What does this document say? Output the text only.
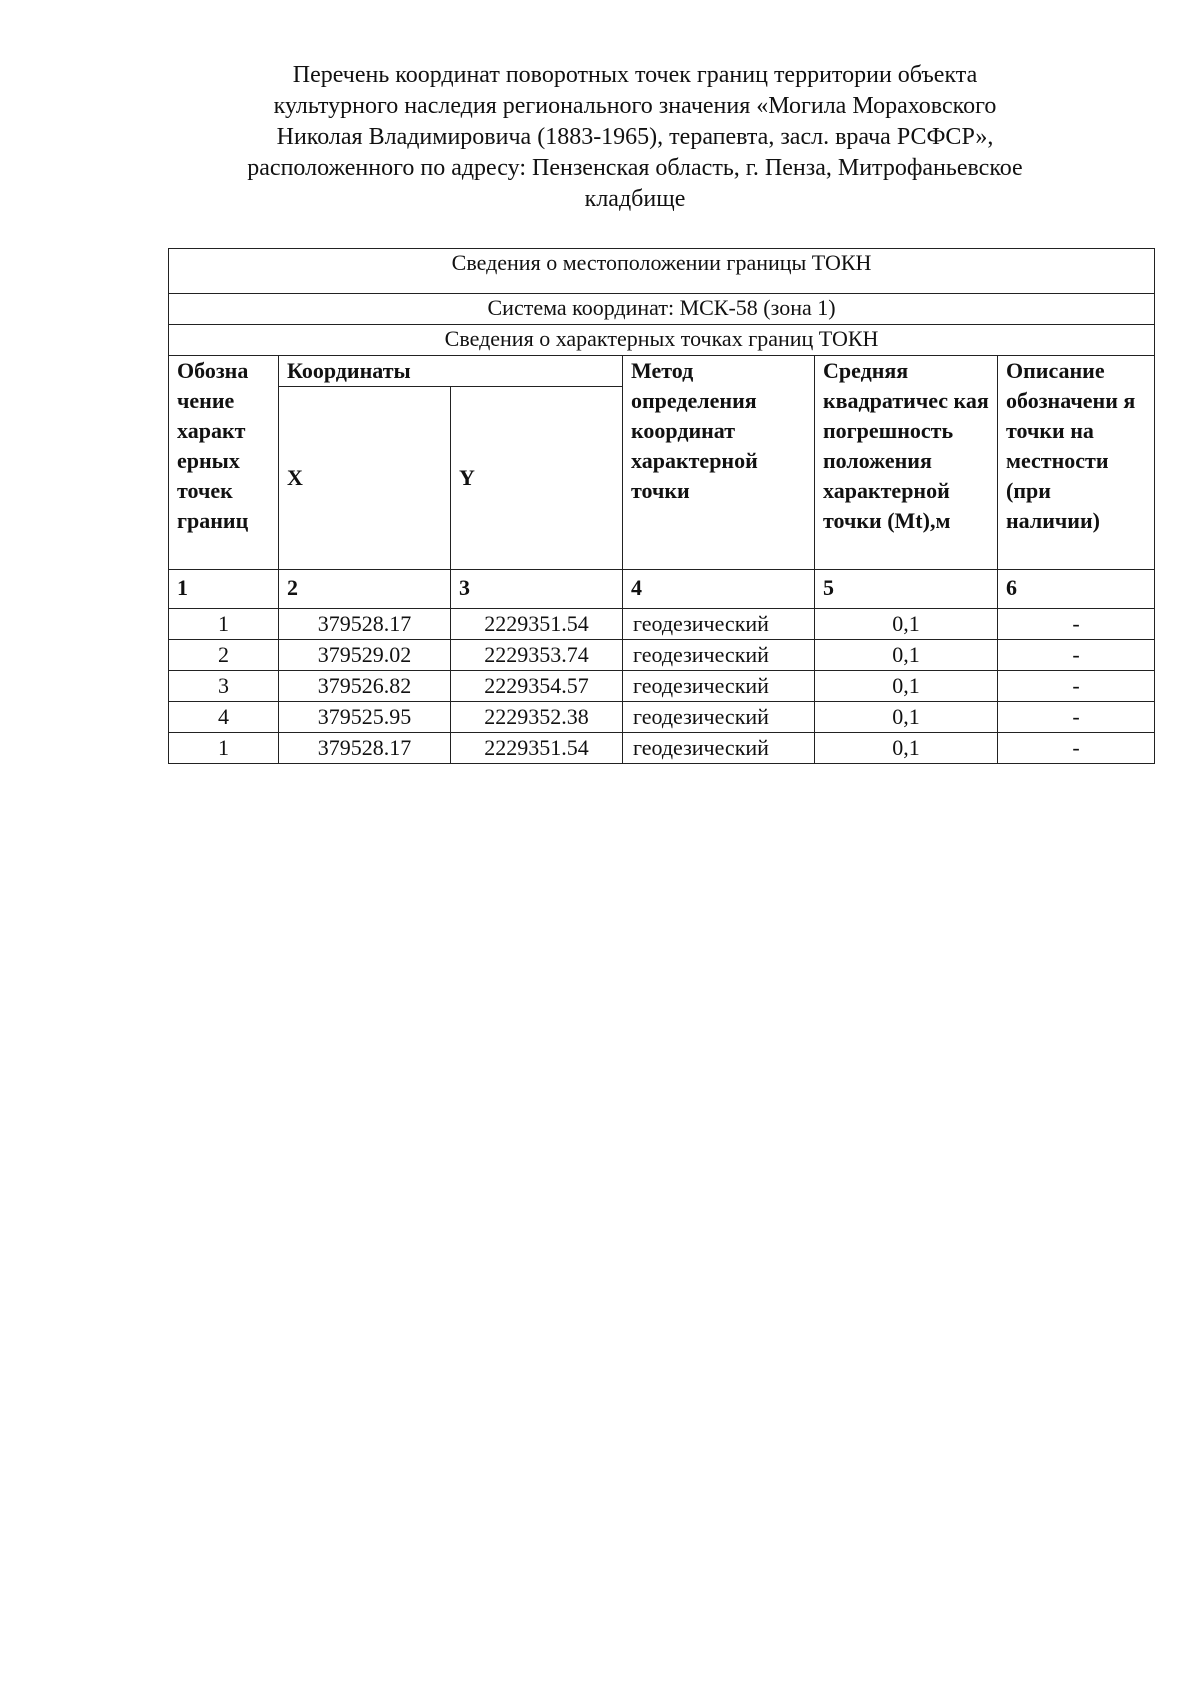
Перечень координат поворотных точек границ территории объекта
культурного наследия регионального значения «Могила Мораховского
Николая Владимировича (1883-1965), терапевта, засл. врача РСФСР»,
расположенного по адресу: Пензенская область, г. Пенза, Митрофаньевское
кладбище
Сведения о местоположении границы ТОКН					
Система координат: МСК-58 (зона 1)					
Сведения о характерных точках границ ТОКН					
Обозна чение характ ерных точек границ	Координаты		Метод определения координат характерной точки	Средняя квадратичес кая погрешность положения характерной точки (Mt),м	Описание обозначени я точки на местности (при наличии)
	X	Y			
1	2	3	4	5	6
1	379528.17	2229351.54	геодезический	0,1	-
2	379529.02	2229353.74	геодезический	0,1	-
3	379526.82	2229354.57	геодезический	0,1	-
4	379525.95	2229352.38	геодезический	0,1	-
1	379528.17	2229351.54	геодезический	0,1	-
